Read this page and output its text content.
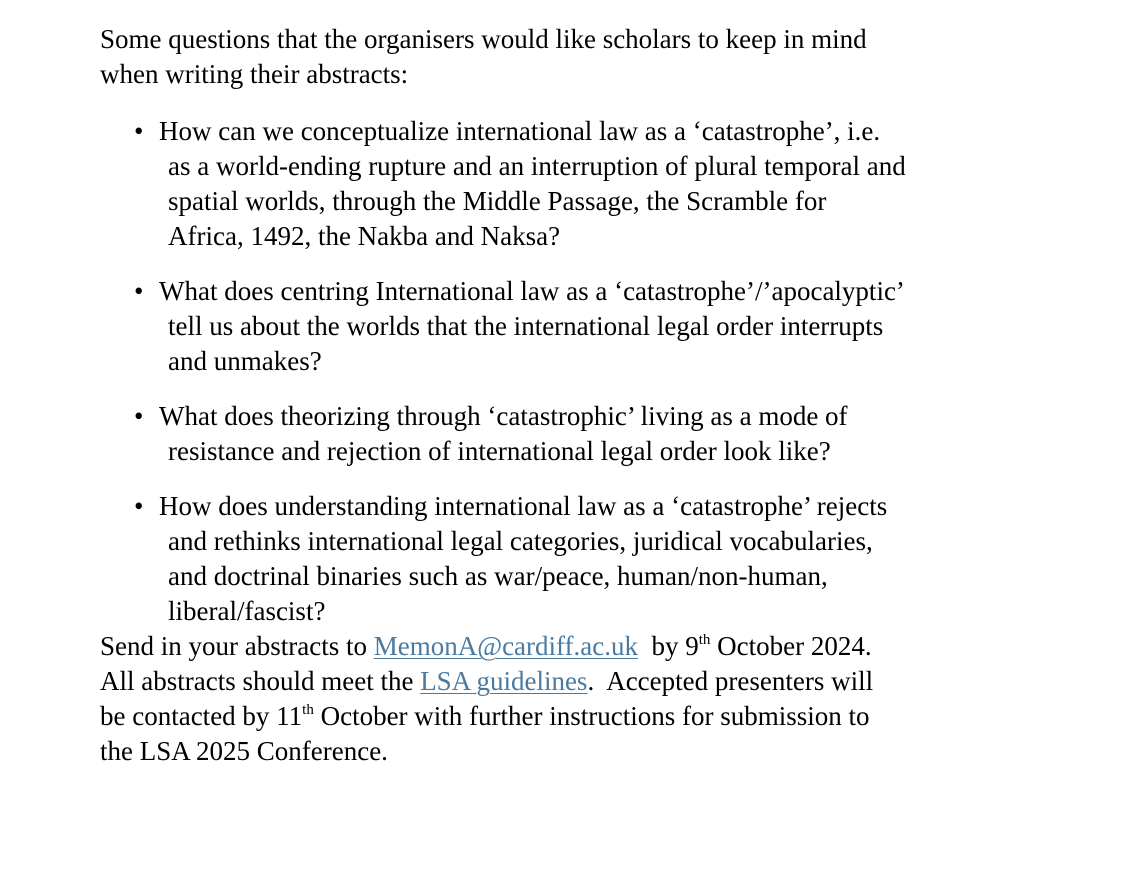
Some questions that the organisers would like scholars to keep in mind
when writing their abstracts:

• How can we conceptualize international law as a ‘catastrophe’, i.e.
as a world-ending rupture and an interruption of plural temporal and
spatial worlds, through the Middle Passage, the Scramble for
Africa, 1492, the Nakba and Naksa?
• What does centring International law as a ‘catastrophe’/’apocalyptic’
tell us about the worlds that the international legal order interrupts
and unmakes?
• What does theorizing through ‘catastrophic’ living as a mode of
resistance and rejection of international legal order look like?
• How does understanding international law as a ‘catastrophe’ rejects
and rethinks international legal categories, juridical vocabularies,
and doctrinal binaries such as war/peace, human/non-human,
liberal/fascist?

Send in your abstracts to MemonA@cardiff.ac.uk  by 9th October 2024.
All abstracts should meet the LSA guidelines.  Accepted presenters will
be contacted by 11th October with further instructions for submission to
the LSA 2025 Conference.
